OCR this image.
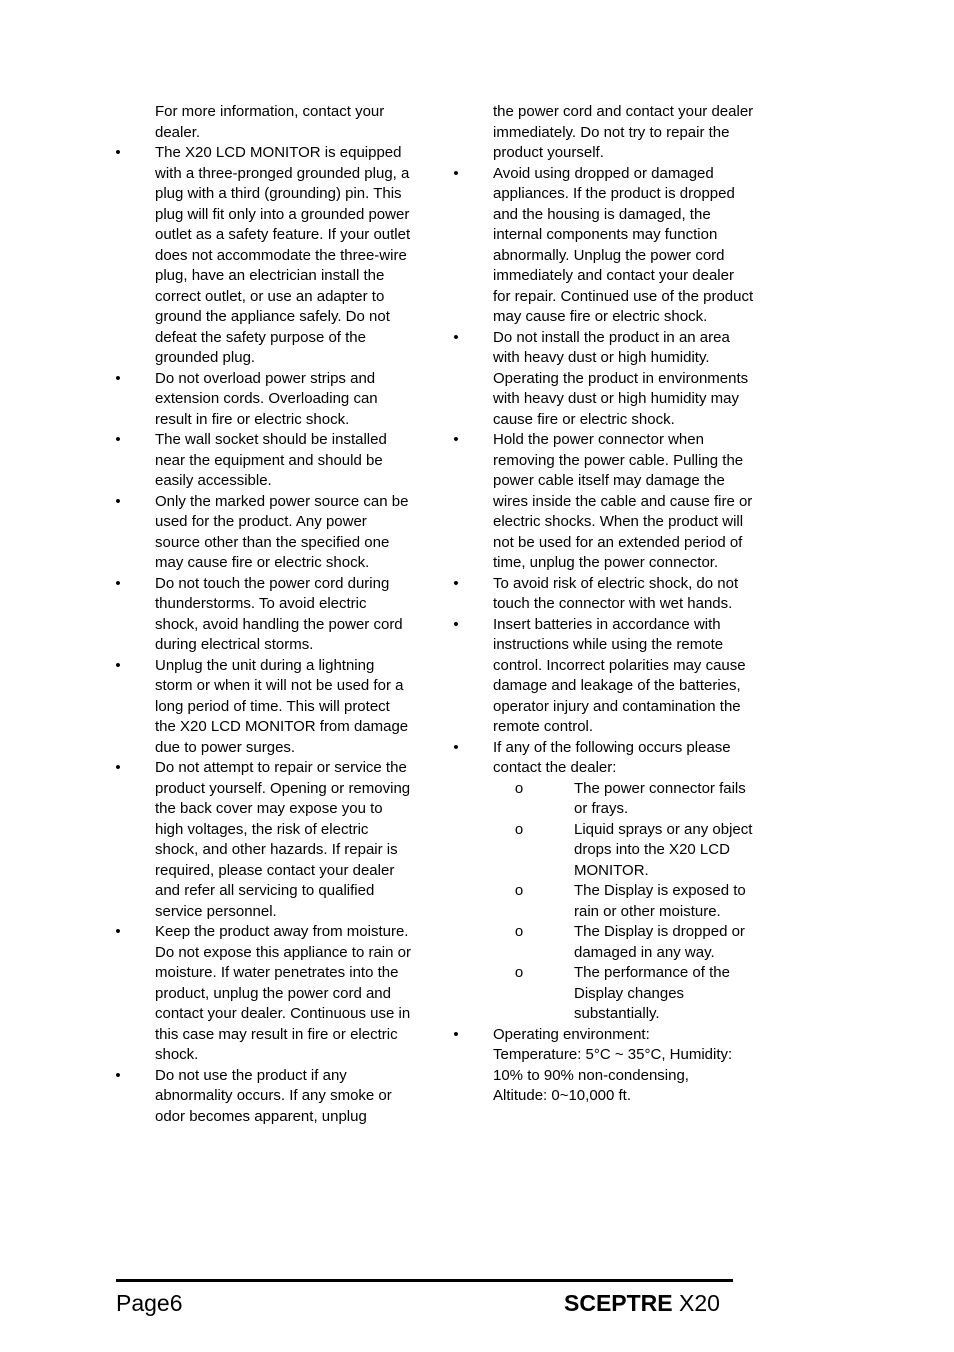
For more information, contact your dealer.
• The X20 LCD MONITOR is equipped with a three-pronged grounded plug, a plug with a third (grounding) pin. This plug will fit only into a grounded power outlet as a safety feature. If your outlet does not accommodate the three-wire plug, have an electrician install the correct outlet, or use an adapter to ground the appliance safely. Do not defeat the safety purpose of the grounded plug.
• Do not overload power strips and extension cords. Overloading can result in fire or electric shock.
• The wall socket should be installed near the equipment and should be easily accessible.
• Only the marked power source can be used for the product. Any power source other than the specified one may cause fire or electric shock.
• Do not touch the power cord during thunderstorms. To avoid electric shock, avoid handling the power cord during electrical storms.
• Unplug the unit during a lightning storm or when it will not be used for a long period of time. This will protect the X20 LCD MONITOR from damage due to power surges.
• Do not attempt to repair or service the product yourself. Opening or removing the back cover may expose you to high voltages, the risk of electric shock, and other hazards. If repair is required, please contact your dealer and refer all servicing to qualified service personnel.
• Keep the product away from moisture. Do not expose this appliance to rain or moisture. If water penetrates into the product, unplug the power cord and contact your dealer. Continuous use in this case may result in fire or electric shock.
• Do not use the product if any abnormality occurs. If any smoke or odor becomes apparent, unplug
the power cord and contact your dealer immediately. Do not try to repair the product yourself.
• Avoid using dropped or damaged appliances. If the product is dropped and the housing is damaged, the internal components may function abnormally. Unplug the power cord immediately and contact your dealer for repair. Continued use of the product may cause fire or electric shock.
• Do not install the product in an area with heavy dust or high humidity. Operating the product in environments with heavy dust or high humidity may cause fire or electric shock.
• Hold the power connector when removing the power cable. Pulling the power cable itself may damage the wires inside the cable and cause fire or electric shocks. When the product will not be used for an extended period of time, unplug the power connector.
• To avoid risk of electric shock, do not touch the connector with wet hands.
• Insert batteries in accordance with instructions while using the remote control. Incorrect polarities may cause damage and leakage of the batteries, operator injury and contamination the remote control.
• If any of the following occurs please contact the dealer:
o	The power connector fails or frays.
o	Liquid sprays or any object drops into the X20 LCD MONITOR.
o	The Display is exposed to rain or other moisture.
o	The Display is dropped or damaged in any way.
o	The performance of the Display changes substantially.
• Operating environment:
Temperature: 5°C ~ 35°C, Humidity:
10% to 90% non-condensing,
Altitude: 0~10,000 ft.
Page6	SCEPTRE X20
